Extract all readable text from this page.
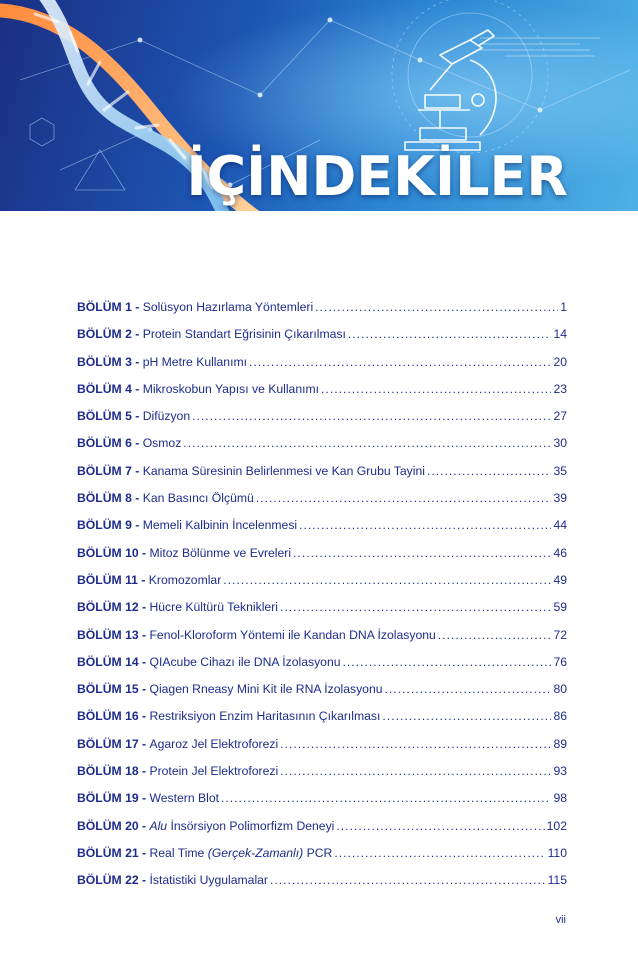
İÇİNDEKİLER
BÖLÜM 1 - Solüsyon Hazırlama Yöntemleri .....	1
BÖLÜM 2 - Protein Standart Eğrisinin Çıkarılması .....	14
BÖLÜM 3 - pH Metre Kullanımı .....	20
BÖLÜM 4 - Mikroskobun Yapısı ve Kullanımı .....	23
BÖLÜM 5 - Difüzyon .....	27
BÖLÜM 6 - Osmoz .....	30
BÖLÜM 7 - Kanama Süresinin Belirlenmesi ve Kan Grubu Tayini .....	35
BÖLÜM 8 - Kan Basıncı Ölçümü .....	39
BÖLÜM 9 - Memeli Kalbinin İncelenmesi .....	44
BÖLÜM 10 - Mitoz Bölünme ve Evreleri .....	46
BÖLÜM 11 - Kromozomlar .....	49
BÖLÜM 12 - Hücre Kültürü Teknikleri .....	59
BÖLÜM 13 - Fenol-Kloroform Yöntemi ile Kandan DNA İzolasyonu .....	72
BÖLÜM 14 - QIAcube Cihazı ile DNA İzolasyonu .....	76
BÖLÜM 15 - Qiagen Rneasy Mini Kit ile RNA İzolasyonu .....	80
BÖLÜM 16 - Restriksiyon Enzim Haritasının Çıkarılması .....	86
BÖLÜM 17 - Agaroz Jel Elektroforezi .....	89
BÖLÜM 18 - Protein Jel Elektroforezi .....	93
BÖLÜM 19 - Western Blot .....	98
BÖLÜM 20 - Alu İnsörsiyon Polimorfizm Deneyi .....	102
BÖLÜM 21 - Real Time (Gerçek-Zamanlı) PCR .....	110
BÖLÜM 22 - İstatistiki Uygulamalar .....	115
vii
